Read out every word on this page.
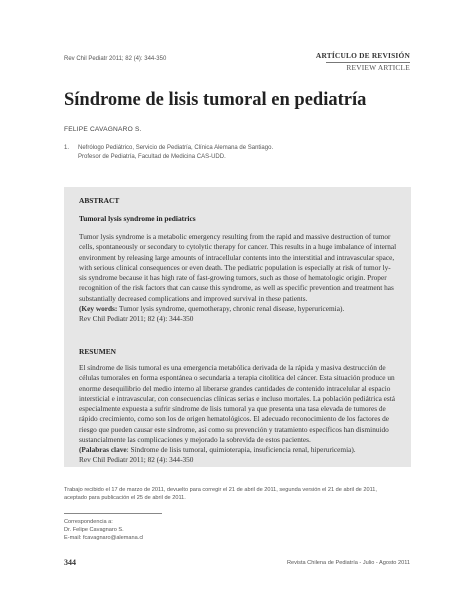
Rev Chil Pediatr 2011; 82 (4): 344-350	ARTÍCULO DE REVISIÓN
REVIEW ARTICLE
Síndrome de lisis tumoral en pediatría
FELIPE CAVAGNARO S.
1. Nefrólogo Pediátrico, Servicio de Pediatría, Clínica Alemana de Santiago.
Profesor de Pediatría, Facultad de Medicina CAS-UDD.
ABSTRACT
Tumoral lysis syndrome in pediatrics
Tumor lysis syndrome is a metabolic emergency resulting from the rapid and massive destruction of tumor
cells, spontaneously or secondary to cytolytic therapy for cancer. This results in a huge imbalance of internal
environment by releasing large amounts of intracellular contents into the interstitial and intravascular space,
with serious clinical consequences or even death. The pediatric population is especially at risk of tumor ly-
sis syndrome because it has high rate of fast-growing tumors, such as those of hematologic origin. Proper
recognition of the risk factors that can cause this syndrome, as well as specific prevention and treatment has
substantially decreased complications and improved survival in these patients.
(Key words: Tumor lysis syndrome, quemotherapy, chronic renal disease, hyperuricemia).
Rev Chil Pediatr 2011; 82 (4): 344-350
RESUMEN
El síndrome de lisis tumoral es una emergencia metabólica derivada de la rápida y masiva destrucción de
células tumorales en forma espontánea o secundaria a terapia citolítica del cáncer. Esta situación produce un
enorme desequilibrio del medio interno al liberarse grandes cantidades de contenido intracelular al espacio
intersticial e intravascular, con consecuencias clínicas serias e incluso mortales. La población pediátrica está
especialmente expuesta a sufrir síndrome de lisis tumoral ya que presenta una tasa elevada de tumores de
rápido crecimiento, como son los de origen hematológicos. El adecuado reconocimiento de los factores de
riesgo que pueden causar este síndrome, así como su prevención y tratamiento específicos han disminuido
sustancialmente las complicaciones y mejorado la sobrevida de estos pacientes.
(Palabras clave: Síndrome de lisis tumoral, quimioterapia, insuficiencia renal, hiperuricemia).
Rev Chil Pediatr 2011; 82 (4): 344-350
Trabajo recibido el 17 de marzo de 2011, devuelto para corregir el 21 de abril de 2011, segunda versión el 21 de abril de 2011,
aceptado para publicación el 25 de abril de 2011.
Correspondencia a:
Dr. Felipe Cavagnaro S.
E-mail: fcavagnaro@alemana.cl
344	Revista Chilena de Pediatría - Julio - Agosto 2011
